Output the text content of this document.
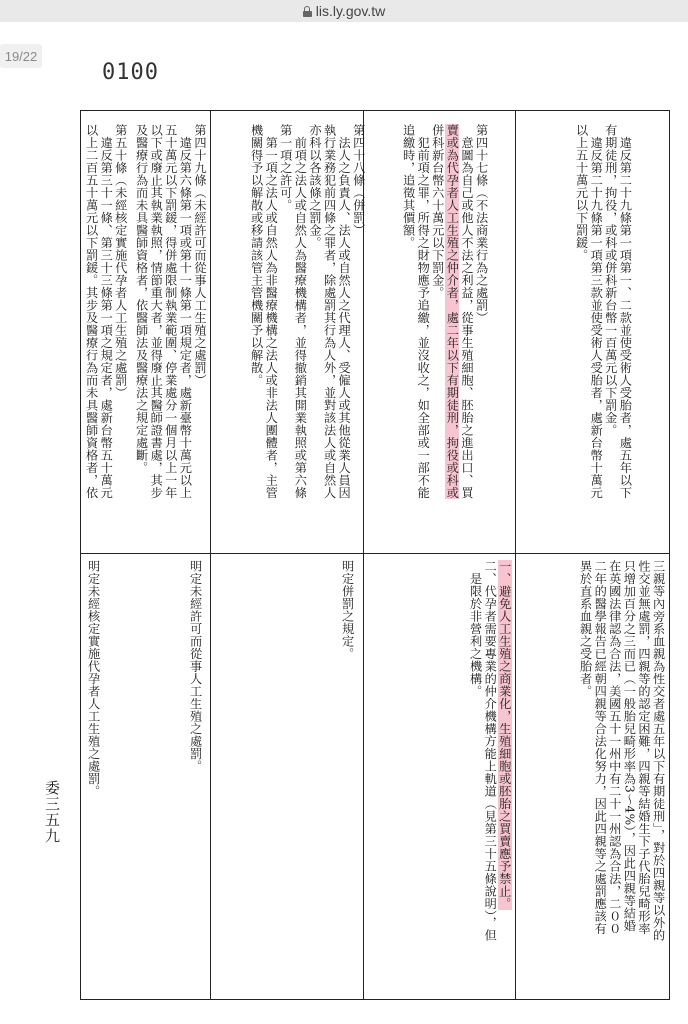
lis.ly.gov.tw
19/22
0100
　違反第二十九條第一項第一、二款並使受術人受胎者，處五年以下
有期徒刑，拘役，或科或併科新台幣一百萬元以下罰金。
　違反第二十九條第一項第三款並使受術人受胎者，處新台幣十萬元
以上五十萬元以下罰鍰。
第四十七條（不法商業行為之處罰）
　意圖為自己或他人不法之利益，從事生殖細胞、胚胎之進出口、買
賣或為代孕者人工生殖之仲介者，處二年以下有期徒刑，拘役或科或
併科新台幣六十萬元以下罰金。
　犯前項之罪，所得之財物應予追繳，並沒收之，如全部或一部不能
追繳時，追徵其價額。
第四十八條（併罰）
　法人之負責人、法人或自然人之代理人、受僱人或其他從業人員因
執行業務犯前四條之罪者，除處罰其行為人外，並對該法人或自然人
亦科以各該條之罰金。
　前項之法人或自然人為醫療機構者，並得撤銷其開業執照或第六條
第一項之許可。
　第一項之法人或自然人為非醫療機構之法人或非法人團體者，主管
機關得予以解散或移請該管主管機關予以解散。
第四十九條（未經許可而從事人工生殖之處罰）
　違反第六條第一項或第十一條第一項規定者，處新臺幣十萬元以上
五十萬元以下罰鍰，得併處限制執業範圍、停業處分一個月以上一年
以下或廢止其執業執照，情節重大者，並得廢止其醫師證書處，其步
及醫療行為而未具醫師資格者，依醫師法及醫療法之規定處斷。
第五十條（未經核定實施代孕者人工生殖之處罰）
　違反第三十一條、第三十三條第一項之規定者，處新台幣五十萬元
以上二百五十萬元以下罰鍰。其步及醫療行為而未具醫師資格者，依
三親等內旁系血親為性交者處五年以下有期徒刑」，對於四親等以外的
性交並無處罰，四親等的認定困難，四親等結婚生下子代胎兒畸形率
只增加百分之三而已（一般胎兒畸形率為3～4%），因此四親等結婚
在英國法律認為合法，美國五十一州中有二十一州認為合法，二００
二年的醫學報告已經朝四親等合法化努力，因此四親等之處罰應該有
異於直系血親之受胎者。
一、避免人工生殖之商業化，生殖細胞或胚胎之買賣應予禁止。
二、代孕者需要專業的仲介機構方能上軌道（見第三十五條說明），但
　是限於非營利之機構。
明定併罰之規定。
明定未經許可而從事人工生殖之處罰。
明定未經核定實施代孕者人工生殖之處罰。
委三五九
